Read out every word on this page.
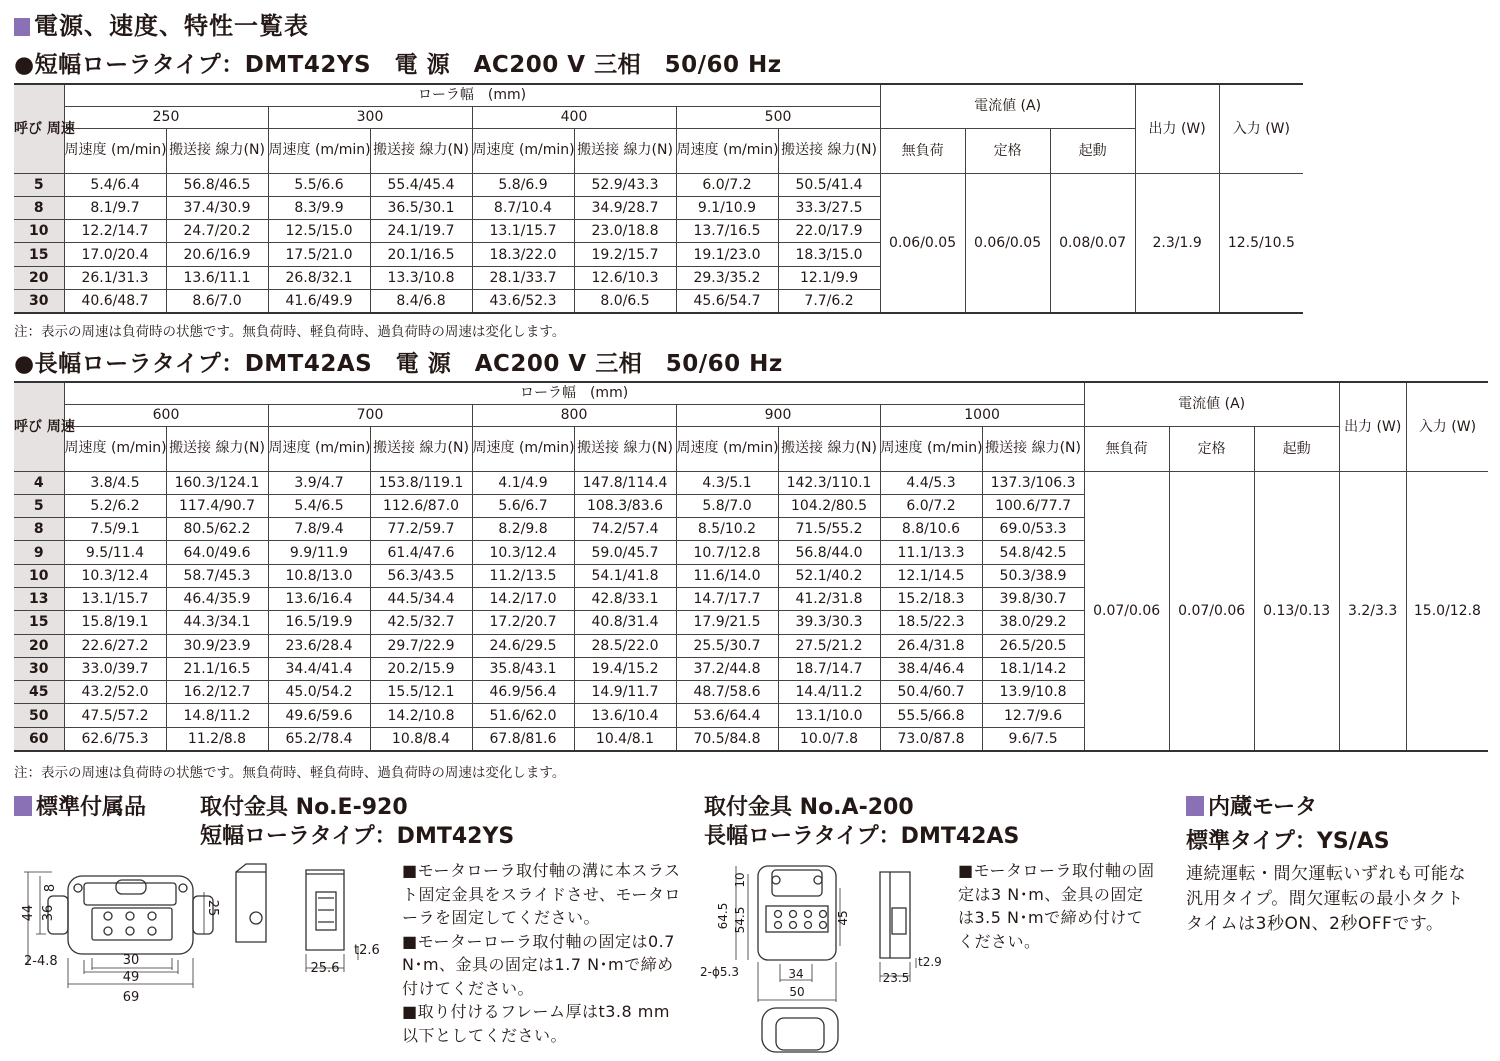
電源、速度、特性一覧表
●短幅ローラタイプ：DMT42YS　電 源　AC200 V 三相　50/60 Hz
呼び 周速	ローラ幅　(mm)								電流値 (A)			出力 (W)	入力 (W)
	250		300		400		500						
	周速度 (m/min)	搬送接 線力(N)	周速度 (m/min)	搬送接 線力(N)	周速度 (m/min)	搬送接 線力(N)	周速度 (m/min)	搬送接 線力(N)	無負荷	定格	起動		
5	5.4/6.4	56.8/46.5	5.5/6.6	55.4/45.4	5.8/6.9	52.9/43.3	6.0/7.2	50.5/41.4	0.06/0.05	0.06/0.05	0.08/0.07	2.3/1.9	12.5/10.5
8	8.1/9.7	37.4/30.9	8.3/9.9	36.5/30.1	8.7/10.4	34.9/28.7	9.1/10.9	33.3/27.5					
10	12.2/14.7	24.7/20.2	12.5/15.0	24.1/19.7	13.1/15.7	23.0/18.8	13.7/16.5	22.0/17.9					
15	17.0/20.4	20.6/16.9	17.5/21.0	20.1/16.5	18.3/22.0	19.2/15.7	19.1/23.0	18.3/15.0					
20	26.1/31.3	13.6/11.1	26.8/32.1	13.3/10.8	28.1/33.7	12.6/10.3	29.3/35.2	12.1/9.9					
30	40.6/48.7	8.6/7.0	41.6/49.9	8.4/6.8	43.6/52.3	8.0/6.5	45.6/54.7	7.7/6.2					
注：表示の周速は負荷時の状態です。無負荷時、軽負荷時、過負荷時の周速は変化します。
●長幅ローラタイプ：DMT42AS　電 源　AC200 V 三相　50/60 Hz
呼び 周速	ローラ幅　(mm)										電流値 (A)			出力 (W)	入力 (W)
	600		700		800		900		1000						
	周速度 (m/min)	搬送接 線力(N)	周速度 (m/min)	搬送接 線力(N)	周速度 (m/min)	搬送接 線力(N)	周速度 (m/min)	搬送接 線力(N)	周速度 (m/min)	搬送接 線力(N)	無負荷	定格	起動		
4	3.8/4.5	160.3/124.1	3.9/4.7	153.8/119.1	4.1/4.9	147.8/114.4	4.3/5.1	142.3/110.1	4.4/5.3	137.3/106.3	0.07/0.06	0.07/0.06	0.13/0.13	3.2/3.3	15.0/12.8
5	5.2/6.2	117.4/90.7	5.4/6.5	112.6/87.0	5.6/6.7	108.3/83.6	5.8/7.0	104.2/80.5	6.0/7.2	100.6/77.7					
8	7.5/9.1	80.5/62.2	7.8/9.4	77.2/59.7	8.2/9.8	74.2/57.4	8.5/10.2	71.5/55.2	8.8/10.6	69.0/53.3					
9	9.5/11.4	64.0/49.6	9.9/11.9	61.4/47.6	10.3/12.4	59.0/45.7	10.7/12.8	56.8/44.0	11.1/13.3	54.8/42.5					
10	10.3/12.4	58.7/45.3	10.8/13.0	56.3/43.5	11.2/13.5	54.1/41.8	11.6/14.0	52.1/40.2	12.1/14.5	50.3/38.9					
13	13.1/15.7	46.4/35.9	13.6/16.4	44.5/34.4	14.2/17.0	42.8/33.1	14.7/17.7	41.2/31.8	15.2/18.3	39.8/30.7					
15	15.8/19.1	44.3/34.1	16.5/19.9	42.5/32.7	17.2/20.7	40.8/31.4	17.9/21.5	39.3/30.3	18.5/22.3	38.0/29.2					
20	22.6/27.2	30.9/23.9	23.6/28.4	29.7/22.9	24.6/29.5	28.5/22.0	25.5/30.7	27.5/21.2	26.4/31.8	26.5/20.5					
30	33.0/39.7	21.1/16.5	34.4/41.4	20.2/15.9	35.8/43.1	19.4/15.2	37.2/44.8	18.7/14.7	38.4/46.4	18.1/14.2					
45	43.2/52.0	16.2/12.7	45.0/54.2	15.5/12.1	46.9/56.4	14.9/11.7	48.7/58.6	14.4/11.2	50.4/60.7	13.9/10.8					
50	47.5/57.2	14.8/11.2	49.6/59.6	14.2/10.8	51.6/62.0	13.6/10.4	53.6/64.4	13.1/10.0	55.5/66.8	12.7/9.6					
60	62.6/75.3	11.2/8.8	65.2/78.4	10.8/8.4	67.8/81.6	10.4/8.1	70.5/84.8	10.0/7.8	73.0/87.8	9.6/7.5					
注：表示の周速は負荷時の状態です。無負荷時、軽負荷時、過負荷時の周速は変化します。
標準付属品 取付金具 No.E-920
短幅ローラタイプ：DMT42YS
8
44 36	25
2-4.8	30
49
69
25.6
t2.6
■モータローラ取付軸の溝に本スラスト固定金具をスライドさせ、モータローラを固定してください。
■モーターローラ取付軸の固定は0.7 N･m、金具の固定は1.7 N･mで締め付けてください。
■取り付けるフレーム厚はt3.8 mm以下としてください。
取付金具 No.A-200
長幅ローラタイプ：DMT42AS
10
64.5 54.5	45
2-ϕ5.3	34
50
23.5
t2.9
■モータローラ取付軸の固定は3 N･m、金具の固定は3.5 N･mで締め付けてください。
内蔵モータ
標準タイプ：YS/AS
連続運転・間欠運転いずれも可能な汎用タイプ。間欠運転の最小タクトタイムは3秒ON、2秒OFFです。
